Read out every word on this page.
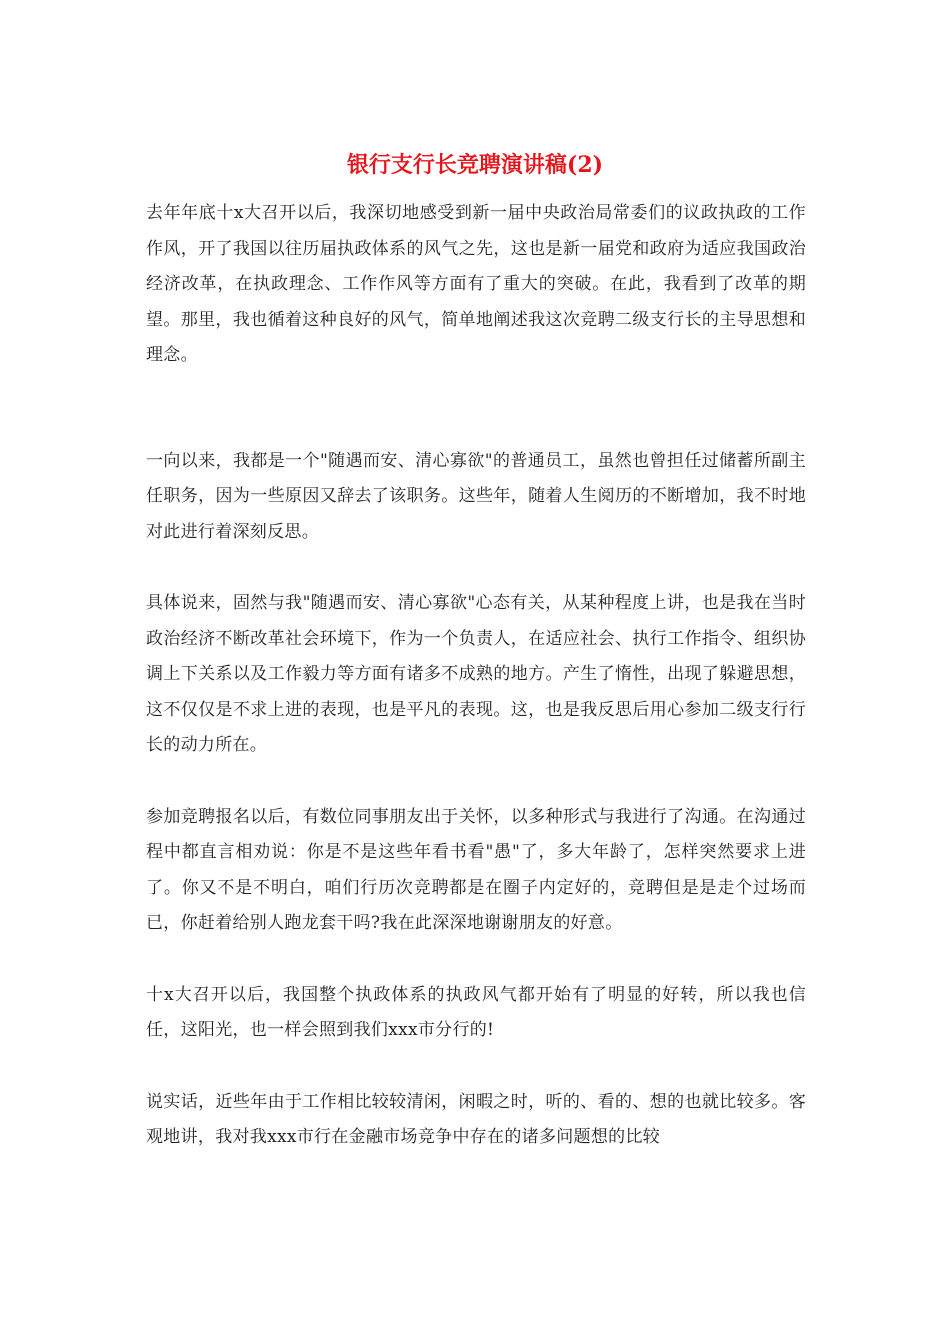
银行支行长竞聘演讲稿(2)

去年年底十x大召开以后，我深切地感受到新一届中央政治局常委们的议政执政的工作作风，开了我国以往历届执政体系的风气之先，这也是新一届党和政府为适应我国政治经济改革，在执政理念、工作作风等方面有了重大的突破。在此，我看到了改革的期望。那里，我也循着这种良好的风气，简单地阐述我这次竞聘二级支行长的主导思想和理念。

一向以来，我都是一个"随遇而安、清心寡欲"的普通员工，虽然也曾担任过储蓄所副主任职务，因为一些原因又辞去了该职务。这些年，随着人生阅历的不断增加，我不时地对此进行着深刻反思。

具体说来，固然与我"随遇而安、清心寡欲"心态有关，从某种程度上讲，也是我在当时政治经济不断改革社会环境下，作为一个负责人，在适应社会、执行工作指令、组织协调上下关系以及工作毅力等方面有诸多不成熟的地方。产生了惰性，出现了躲避思想，这不仅仅是不求上进的表现，也是平凡的表现。这，也是我反思后用心参加二级支行行长的动力所在。

参加竞聘报名以后，有数位同事朋友出于关怀，以多种形式与我进行了沟通。在沟通过程中都直言相劝说：你是不是这些年看书看"愚"了，多大年龄了，怎样突然要求上进了。你又不是不明白，咱们行历次竞聘都是在圈子内定好的，竞聘但是是走个过场而已，你赶着给别人跑龙套干吗?我在此深深地谢谢朋友的好意。

十x大召开以后，我国整个执政体系的执政风气都开始有了明显的好转，所以我也信任，这阳光，也一样会照到我们xxx市分行的!

说实话，近些年由于工作相比较较清闲，闲暇之时，听的、看的、想的也就比较多。客观地讲，我对我xxx市行在金融市场竞争中存在的诸多问题想的比较
